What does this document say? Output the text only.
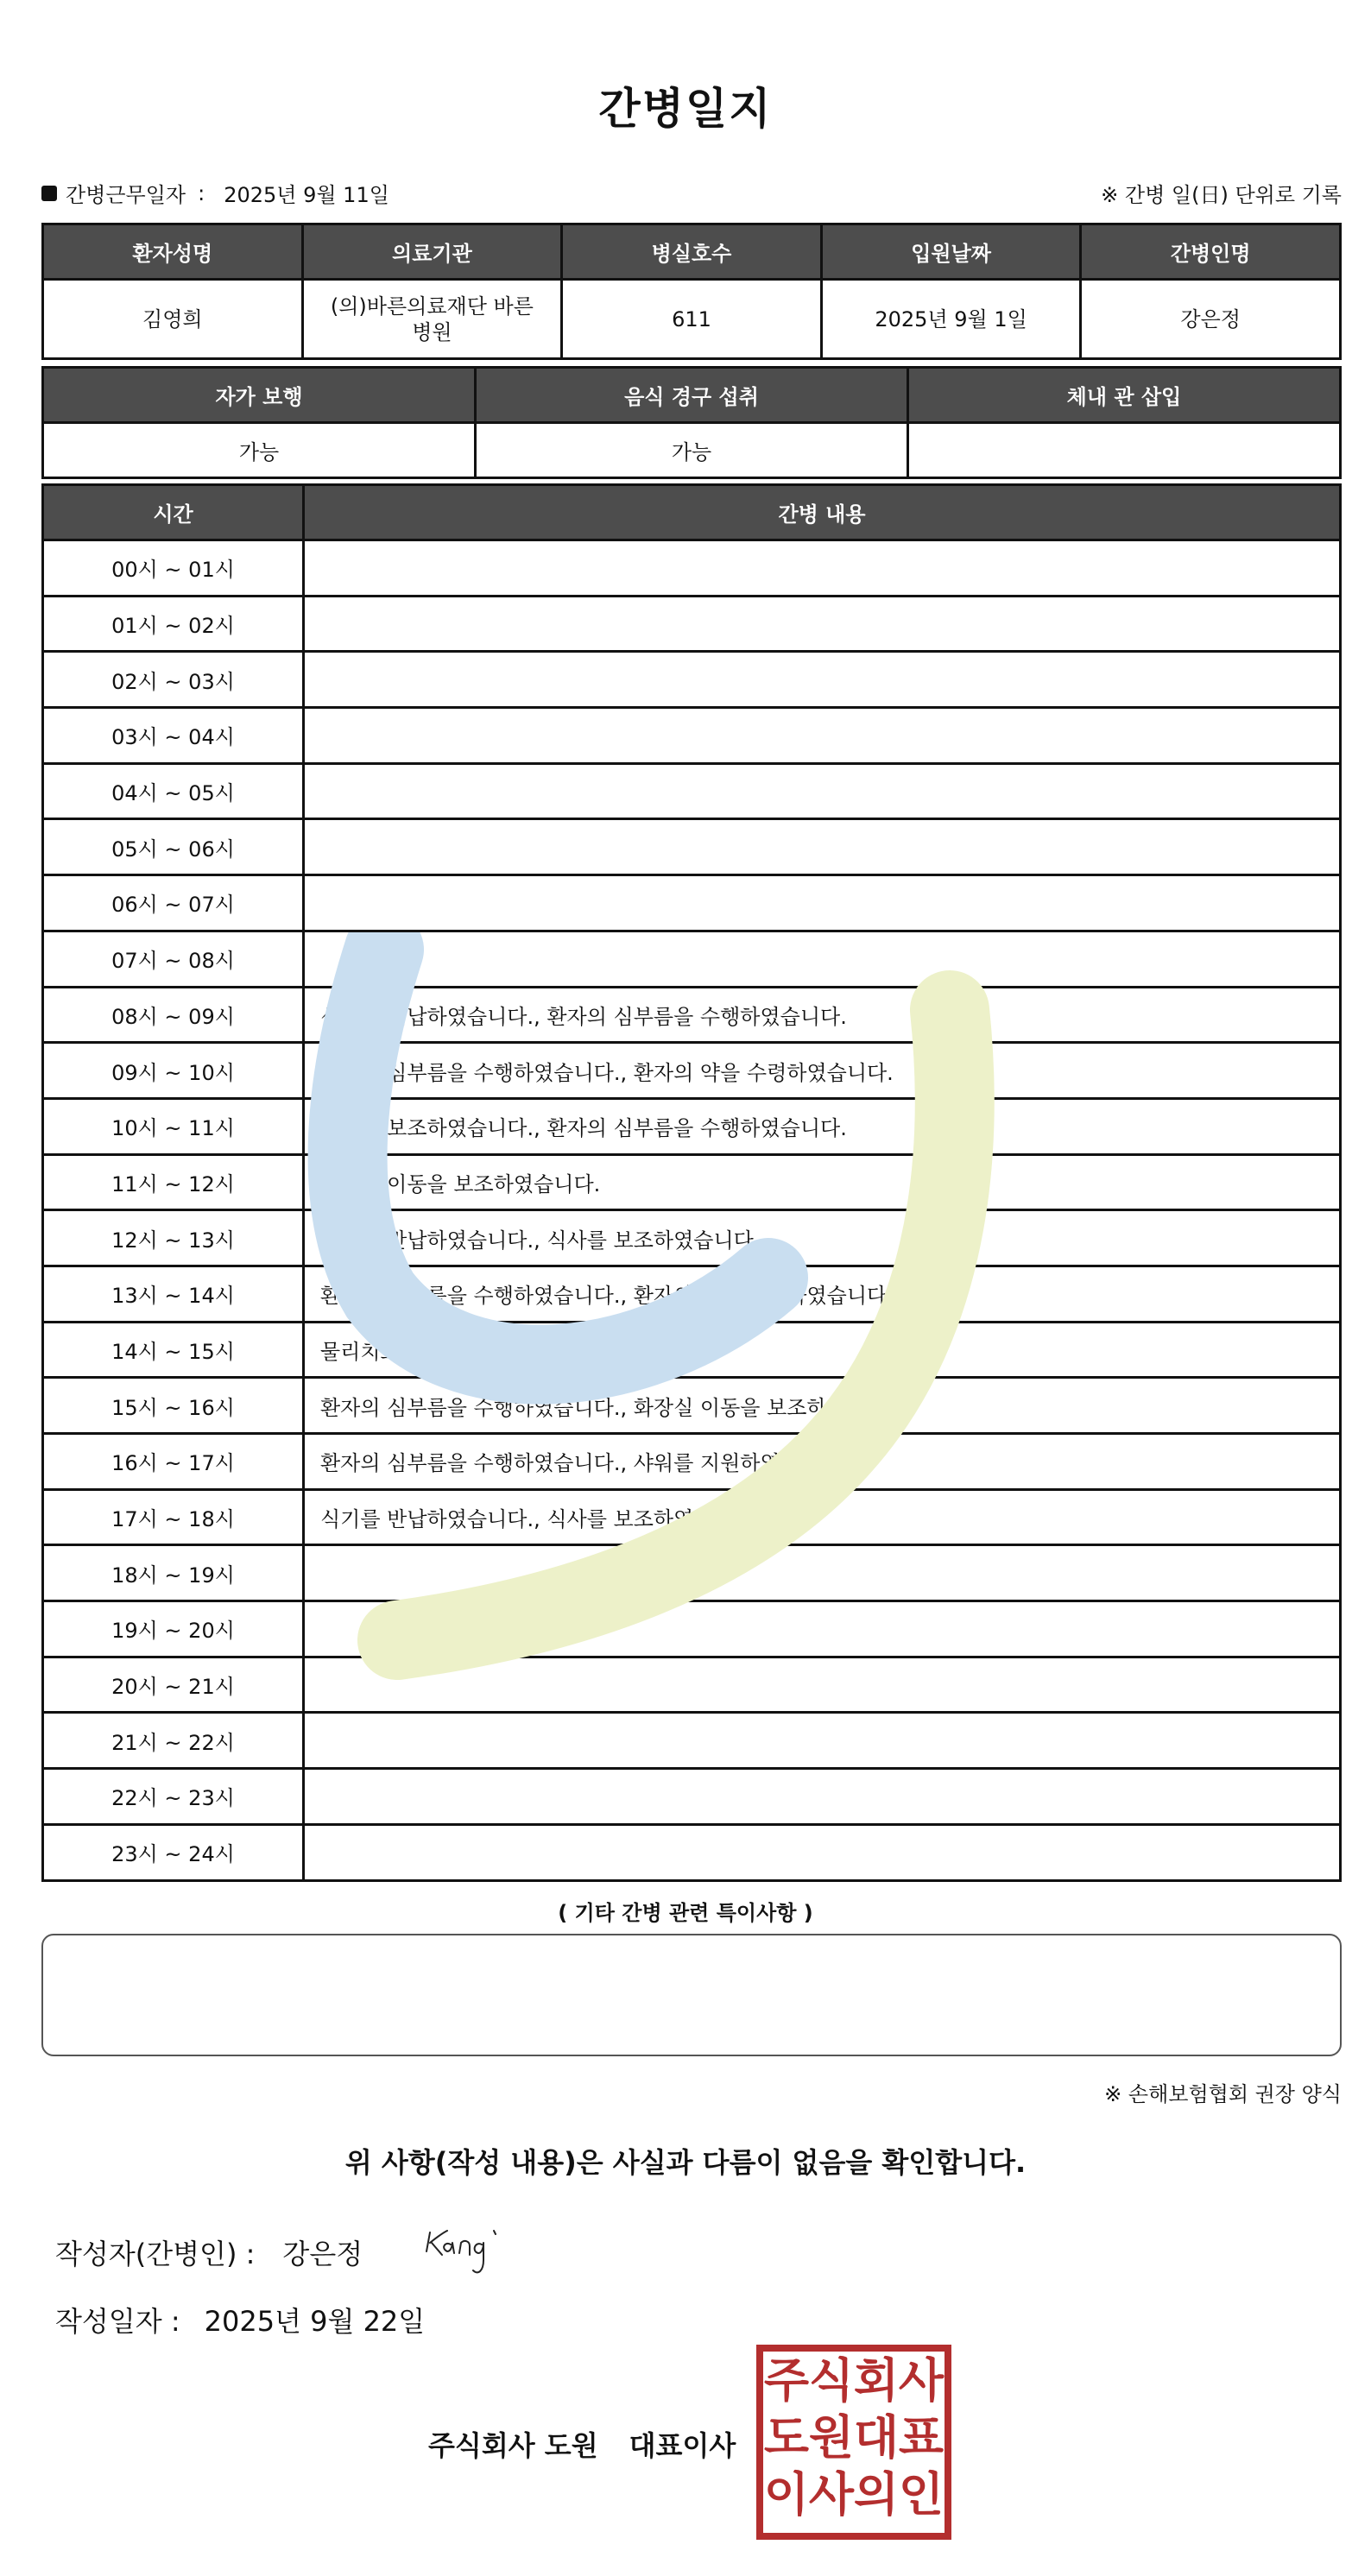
간병일지
간병근무일자 : 2025년 9월 11일	※ 간병 일(日) 단위로 기록
환자성명	의료기관	병실호수	입원날짜	간병인명
김영희	(의)바른의료재단 바른병원	611	2025년 9월 1일	강은정
자가 보행	음식 경구 섭취	체내 관 삽입
가능	가능	
시간	간병 내용
00시 ~ 01시	
01시 ~ 02시	
02시 ~ 03시	
03시 ~ 04시	
04시 ~ 05시	
05시 ~ 06시	
06시 ~ 07시	
07시 ~ 08시	
08시 ~ 09시	식기를 반납하였습니다., 환자의 심부름을 수행하였습니다.
09시 ~ 10시	환자의 심부름을 수행하였습니다., 환자의 약을 수령하였습니다.
10시 ~ 11시	산책을 보조하였습니다., 환자의 심부름을 수행하였습니다.
11시 ~ 12시	화장실 이동을 보조하였습니다.
12시 ~ 13시	식기를 반납하였습니다., 식사를 보조하였습니다.
13시 ~ 14시	환자의 심부름을 수행하였습니다., 환자의 약을 수령하였습니다.
14시 ~ 15시	물리치료 이동을 보조하였습니다.
15시 ~ 16시	환자의 심부름을 수행하였습니다., 화장실 이동을 보조하였습니다.
16시 ~ 17시	환자의 심부름을 수행하였습니다., 샤워를 지원하였습니다.
17시 ~ 18시	식기를 반납하였습니다., 식사를 보조하였습니다.
18시 ~ 19시	
19시 ~ 20시	
20시 ~ 21시	
21시 ~ 22시	
22시 ~ 23시	
23시 ~ 24시	
( 기타 간병 관련 특이사항 )
※ 손해보험협회 권장 양식
위 사항(작성 내용)은 사실과 다름이 없음을 확인합니다.
작성자(간병인) : 강은정
작성일자 : 2025년 9월 22일
주식회사 도원 대표이사
주 식 회 사
도 원 대 표
이 사 의 인
